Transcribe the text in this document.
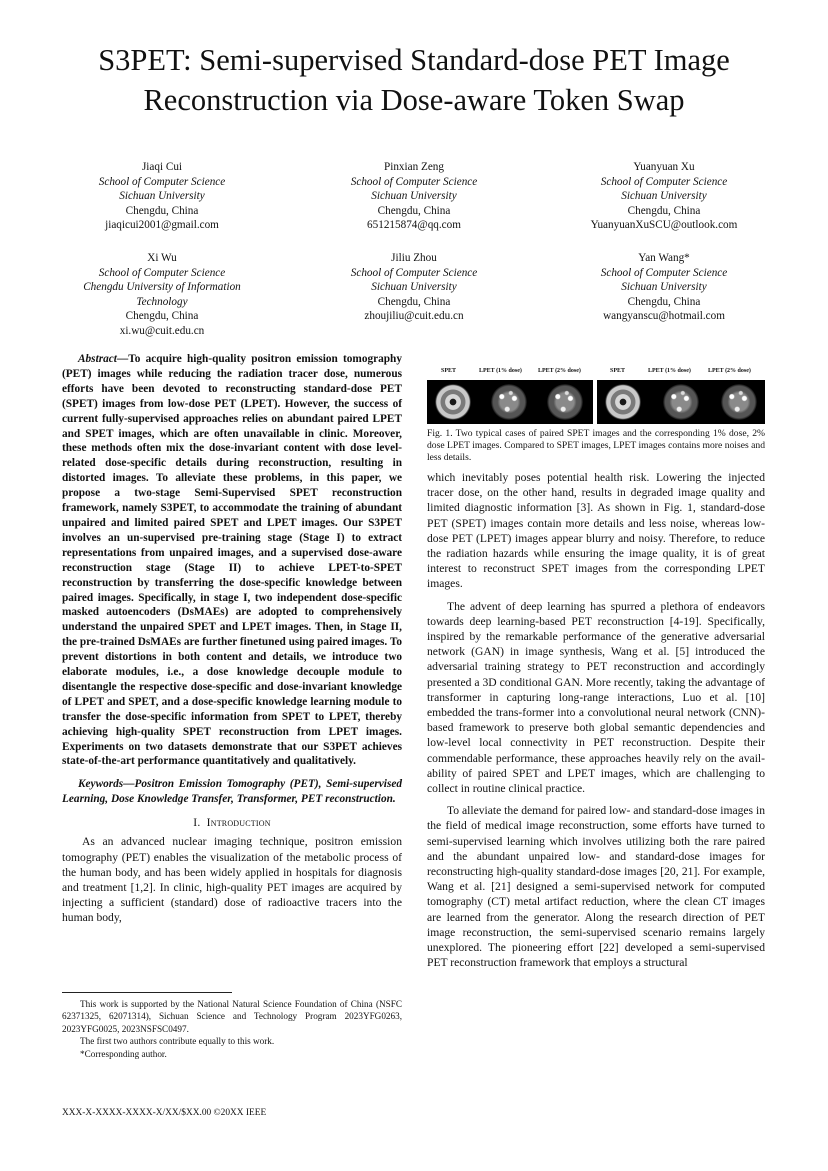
S3PET: Semi-supervised Standard-dose PET Image Reconstruction via Dose-aware Token Swap
Jiaqi Cui
School of Computer Science
Sichuan University
Chengdu, China
jiaqicui2001@gmail.com
Pinxian Zeng
School of Computer Science
Sichuan University
Chengdu, China
651215874@qq.com
Yuanyuan Xu
School of Computer Science
Sichuan University
Chengdu, China
YuanyuanXuSCU@outlook.com
Xi Wu
School of Computer Science
Chengdu University of Information
Technology
Chengdu, China
xi.wu@cuit.edu.cn
Jiliu Zhou
School of Computer Science
Sichuan University
Chengdu, China
zhoujiliu@cuit.edu.cn
Yan Wang*
School of Computer Science
Sichuan University
Chengdu, China
wangyanscu@hotmail.com

Abstract—To acquire high-quality positron emission tomography (PET) images while reducing the radiation tracer dose, numerous efforts have been devoted to reconstructing standard-dose PET (SPET) images from low-dose PET (LPET). However, the success of current fully-supervised approaches relies on abundant paired LPET and SPET images, which are often unavailable in clinic. Moreover, these methods often mix the dose-invariant content with dose level-related dose-specific details during reconstruction, resulting in distorted images. To alleviate these problems, in this paper, we propose a two-stage Semi-Supervised SPET reconstruction framework, namely S3PET, to accommodate the training of abundant unpaired and limited paired SPET and LPET images. Our S3PET involves an un-supervised pre-training stage (Stage I) to extract representations from unpaired images, and a supervised dose-aware reconstruction stage (Stage II) to achieve LPET-to-SPET reconstruction by transferring the dose-specific knowledge between paired images. Specifically, in stage I, two independent dose-specific masked autoencoders (DsMAEs) are adopted to comprehensively understand the unpaired SPET and LPET images. Then, in Stage II, the pre-trained DsMAEs are further finetuned using paired images. To prevent distortions in both content and details, we introduce two elaborate modules, i.e., a dose knowledge decouple module to disentangle the respective dose-specific and dose-invariant knowledge of LPET and SPET, and a dose-specific knowledge learning module to transfer the dose-specific information from SPET to LPET, thereby achieving high-quality SPET reconstruction from LPET images. Experiments on two datasets demonstrate that our S3PET achieves state-of-the-art performance quantitatively and qualitatively.

Keywords—Positron Emission Tomography (PET), Semi-supervised Learning, Dose Knowledge Transfer, Transformer, PET reconstruction.

I. Introduction

As an advanced nuclear imaging technique, positron emission tomography (PET) enables the visualization of the metabolic process of the human body, and has been widely applied in hospitals for diagnosis and treatment [1,2]. In clinic, high-quality PET images are acquired by injecting a sufficient (standard) dose of radioactive tracers into the human body,

SPET	LPET (1% dose)	LPET (2% dose)	SPET	LPET (1% dose)	LPET (2% dose)
Fig. 1. Two typical cases of paired SPET images and the corresponding 1% dose, 2% dose LPET images. Compared to SPET images, LPET images contains more noises and less details.

which inevitably poses potential health risk. Lowering the injected tracer dose, on the other hand, results in degraded image quality and limited diagnostic information [3]. As shown in Fig. 1, standard-dose PET (SPET) images contain more details and less noise, whereas low-dose PET (LPET) images appear blurry and noisy. Therefore, to reduce the radiation hazards while ensuring the image quality, it is of great interest to reconstruct SPET images from the corresponding LPET images.

The advent of deep learning has spurred a plethora of endeavors towards deep learning-based PET reconstruction [4-19]. Specifically, inspired by the remarkable performance of the generative adversarial network (GAN) in image synthesis, Wang et al. [5] introduced the adversarial training strategy to PET reconstruction and accordingly presented a 3D conditional GAN. More recently, taking the advantage of transformer in capturing long-range interactions, Luo et al. [10] embedded the trans-former into a convolutional neural network (CNN)-based framework to preserve both global semantic dependencies and low-level local connectivity in PET reconstruction. Despite their commendable performance, these approaches heavily rely on the avail-ability of paired SPET and LPET images, which are challenging to collect in routine clinical practice.

To alleviate the demand for paired low- and standard-dose images in the field of medical image reconstruction, some efforts have turned to semi-supervised learning which involves utilizing both the rare paired and the abundant unpaired low- and standard-dose images for reconstructing high-quality standard-dose images [20, 21]. For example, Wang et al. [21] designed a semi-supervised network for computed tomography (CT) metal artifact reduction, where the clean CT images are learned from the generator. Along the research direction of PET image reconstruction, the semi-supervised scenario remains largely unexplored. The pioneering effort [22] developed a semi-supervised PET reconstruction framework that employs a structural

This work is supported by the National Natural Science Foundation of China (NSFC 62371325, 62071314), Sichuan Science and Technology Program 2023YFG0263, 2023YFG0025, 2023NSFSC0497.

The first two authors contribute equally to this work.

*Corresponding author.

XXX-X-XXXX-XXXX-X/XX/$XX.00 ©20XX IEEE
